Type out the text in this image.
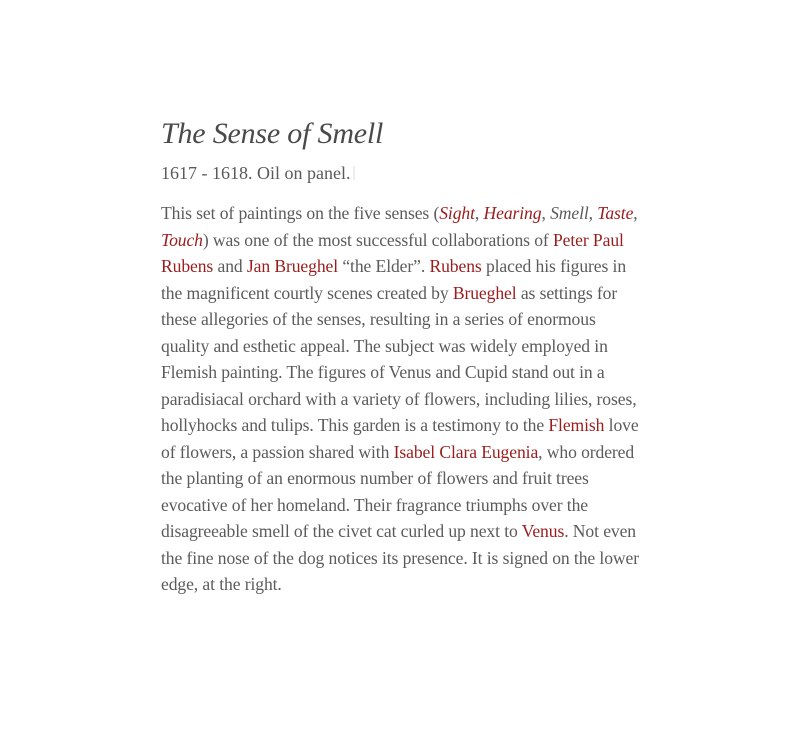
The Sense of Smell

1617 - 1618. Oil on panel.

This set of paintings on the five senses (Sight, Hearing, Smell, Taste, Touch) was one of the most successful collaborations of Peter Paul Rubens and Jan Brueghel “the Elder”. Rubens placed his figures in the magnificent courtly scenes created by Brueghel as settings for these allegories of the senses, resulting in a series of enormous quality and esthetic appeal. The subject was widely employed in Flemish painting. The figures of Venus and Cupid stand out in a paradisiacal orchard with a variety of flowers, including lilies, roses, hollyhocks and tulips. This garden is a testimony to the Flemish love of flowers, a passion shared with Isabel Clara Eugenia, who ordered the planting of an enormous number of flowers and fruit trees evocative of her homeland. Their fragrance triumphs over the disagreeable smell of the civet cat curled up next to Venus. Not even the fine nose of the dog notices its presence. It is signed on the lower edge, at the right.
